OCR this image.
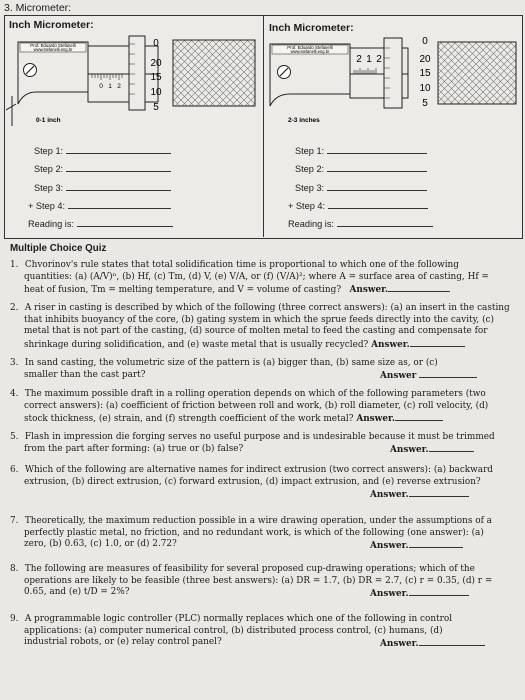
3. Micrometer:
Inch Micrometer:
Prof. Eduardo Stefanelli
www.stefanelli.eng.br
0 1 2
0
20
15
10
5
0-1 inch
Inch Micrometer:
Prof. Eduardo Stefanelli
www.stefanelli.eng.br
2 1 2
0
20
15
10
5
2-3 inches
Step 1:
Step 2:
Step 3:
+ Step 4:
Reading is:
Step 1:
Step 2:
Step 3:
+ Step 4:
Reading is:
Multiple Choice Quiz
1. Chvorinov's rule states that total solidification time is proportional to which one of the following
quantities: (a) (A/V)ⁿ, (b) Hf, (c) Tm, (d) V, (e) V/A, or (f) (V/A)²; where A = surface area of casting, Hf =
heat of fusion, Tm = melting temperature, and V = volume of casting? Answer.
2. A riser in casting is described by which of the following (three correct answers): (a) an insert in the casting
that inhibits buoyancy of the core, (b) gating system in which the sprue feeds directly into the cavity, (c)
metal that is not part of the casting, (d) source of molten metal to feed the casting and compensate for
shrinkage during solidification, and (e) waste metal that is usually recycled? Answer.
3. In sand casting, the volumetric size of the pattern is (a) bigger than, (b) same size as, or (c)
smaller than the cast part?	Answer
4. The maximum possible draft in a rolling operation depends on which of the following parameters (two
correct answers): (a) coefficient of friction between roll and work, (b) roll diameter, (c) roll velocity, (d)
stock thickness, (e) strain, and (f) strength coefficient of the work metal? Answer.
5. Flash in impression die forging serves no useful purpose and is undesirable because it must be trimmed
from the part after forming: (a) true or (b) false?	Answer.
6. Which of the following are alternative names for indirect extrusion (two correct answers): (a) backward
extrusion, (b) direct extrusion, (c) forward extrusion, (d) impact extrusion, and (e) reverse extrusion?
Answer.
7. Theoretically, the maximum reduction possible in a wire drawing operation, under the assumptions of a
perfectly plastic metal, no friction, and no redundant work, is which of the following (one answer): (a)
zero, (b) 0.63, (c) 1.0, or (d) 2.72?	Answer.
8. The following are measures of feasibility for several proposed cup-drawing operations; which of the
operations are likely to be feasible (three best answers): (a) DR = 1.7, (b) DR = 2.7, (c) r = 0.35, (d) r =
0.65, and (e) t/D = 2%?	Answer.
9. A programmable logic controller (PLC) normally replaces which one of the following in control
applications: (a) computer numerical control, (b) distributed process control, (c) humans, (d)
industrial robots, or (e) relay control panel?	Answer.
